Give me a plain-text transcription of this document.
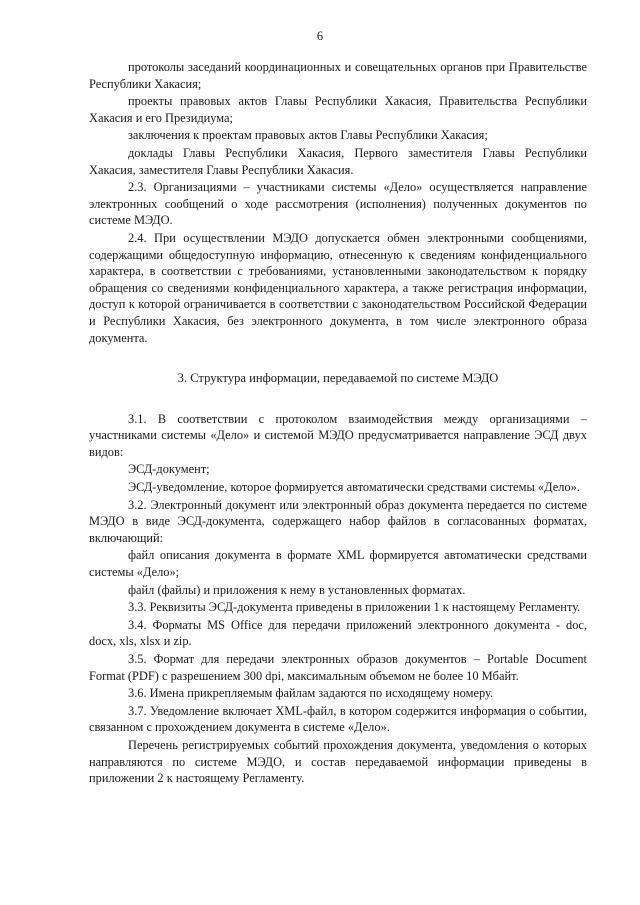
6

протоколы заседаний координационных и совещательных органов при Правительстве Республики Хакасия;

проекты правовых актов Главы Республики Хакасия, Правительства Республики Хакасия и его Президиума;

заключения к проектам правовых актов Главы Республики Хакасия;

доклады Главы Республики Хакасия, Первого заместителя Главы Республики Хакасия, заместителя Главы Республики Хакасия.

2.3. Организациями – участниками системы «Дело» осуществляется направление электронных сообщений о ходе рассмотрения (исполнения) полученных документов по системе МЭДО.

2.4. При осуществлении МЭДО допускается обмен электронными сообщениями, содержащими общедоступную информацию, отнесенную к сведениям конфиденциального характера, в соответствии с требованиями, установленными законодательством к порядку обращения со сведениями конфиденциального характера, а также регистрация информации, доступ к которой ограничивается в соответствии с законодательством Российской Федерации и Республики Хакасия, без электронного документа, в том числе электронного образа документа.

3. Структура информации, передаваемой по системе МЭДО

3.1. В соответствии с протоколом взаимодействия между организациями – участниками системы «Дело» и системой МЭДО предусматривается направление ЭСД двух видов:

ЭСД-документ;

ЭСД-уведомление, которое формируется автоматически средствами системы «Дело».

3.2. Электронный документ или электронный образ документа передается по системе МЭДО в виде ЭСД-документа, содержащего набор файлов в согласованных форматах, включающий:

файл описания документа в формате XML формируется автоматически средствами системы «Дело»;

файл (файлы) и приложения к нему в установленных форматах.

3.3. Реквизиты ЭСД-документа приведены в приложении 1 к настоящему Регламенту.

3.4. Форматы MS Office для передачи приложений электронного документа - doc, docx, xls, xlsx и zip.

3.5. Формат для передачи электронных образов документов – Portable Document Format (PDF) с разрешением 300 dpi, максимальным объемом не более 10 Мбайт.

3.6. Имена прикрепляемым файлам задаются по исходящему номеру.

3.7. Уведомление включает XML-файл, в котором содержится информация о событии, связанном с прохождением документа в системе «Дело».

Перечень регистрируемых событий прохождения документа, уведомления о которых направляются по системе МЭДО, и состав передаваемой информации приведены в приложении 2 к настоящему Регламенту.
